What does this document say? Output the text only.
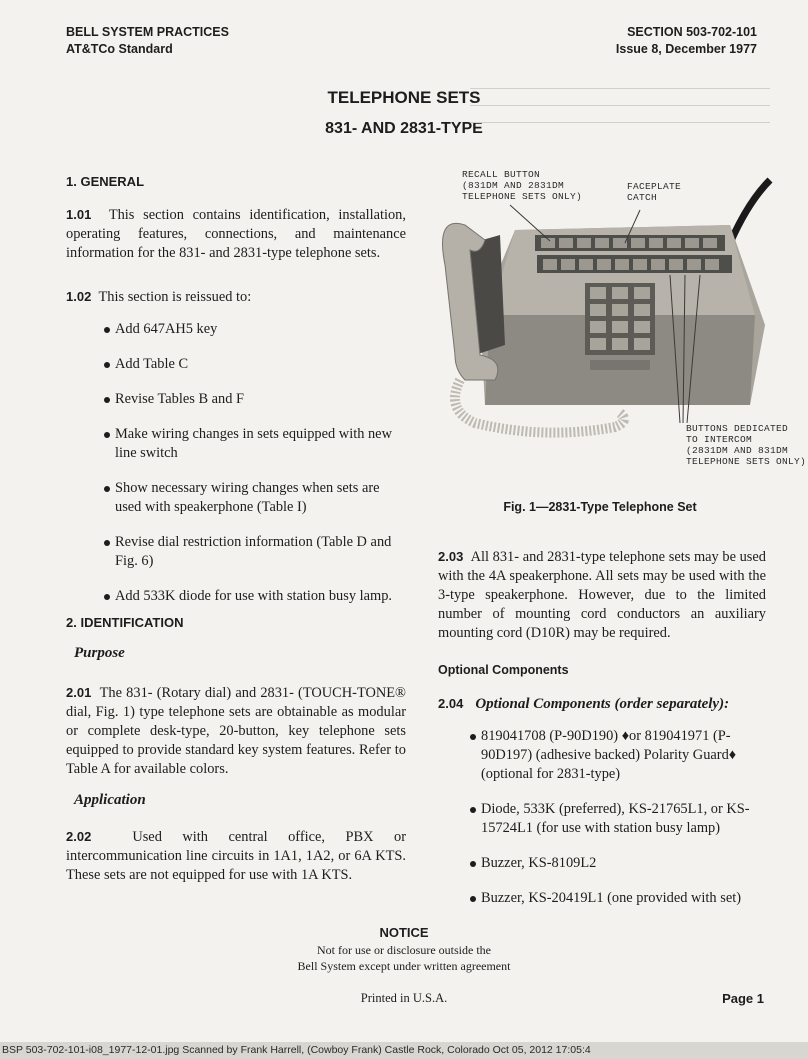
BELL SYSTEM PRACTICES
AT&TCo Standard
SECTION 503-702-101
Issue 8, December 1977
TELEPHONE SETS
831- AND 2831-TYPE
1. GENERAL

1.01 This section contains identification, installation, operating features, connections, and maintenance information for the 831- and 2831-type telephone sets.

1.02 This section is reissued to:

Add 647AH5 key
Add Table C
Revise Tables B and F
Make wiring changes in sets equipped with new line switch
Show necessary wiring changes when sets are used with speakerphone (Table I)
Revise dial restriction information (Table D and Fig. 6)
Add 533K diode for use with station busy lamp.
2. IDENTIFICATION
Purpose

2.01 The 831- (Rotary dial) and 2831- (TOUCH-TONE® dial, Fig. 1) type telephone sets are obtainable as modular or complete desk-type, 20-button, key telephone sets equipped to provide standard key system features. Refer to Table A for available colors.

Application

2.02	Used with central office, PBX or intercommunication line circuits in 1A1, 1A2, or 6A KTS. These sets are not equipped for use with 1A KTS.

RECALL BUTTON
(831DM AND 2831DM
TELEPHONE SETS ONLY)
FACEPLATE
CATCH
BUTTONS DEDICATED
TO INTERCOM
(2831DM AND 831DM
TELEPHONE SETS ONLY)
Fig. 1—2831-Type Telephone Set

2.03 All 831- and 2831-type telephone sets may be used with the 4A speakerphone. All sets may be used with the 3-type speakerphone. However, due to the limited number of mounting cord conductors an auxiliary mounting cord (D10R) may be required.

Optional Components
2.04 Optional Components (order separately):
819041708 (P-90D190) ♦or 819041971 (P-90D197) (adhesive backed) Polarity Guard♦ (optional for 2831-type)
Diode, 533K (preferred), KS-21765L1, or KS-15724L1 (for use with station busy lamp)
Buzzer, KS-8109L2
Buzzer, KS-20419L1 (one provided with set)
NOTICE
Not for use or disclosure outside the
Bell System except under written agreement
Printed in U.S.A.	Page 1
BSP 503-702-101-i08_1977-12-01.jpg Scanned by Frank Harrell, (Cowboy Frank) Castle Rock, Colorado Oct 05, 2012 17:05:4
